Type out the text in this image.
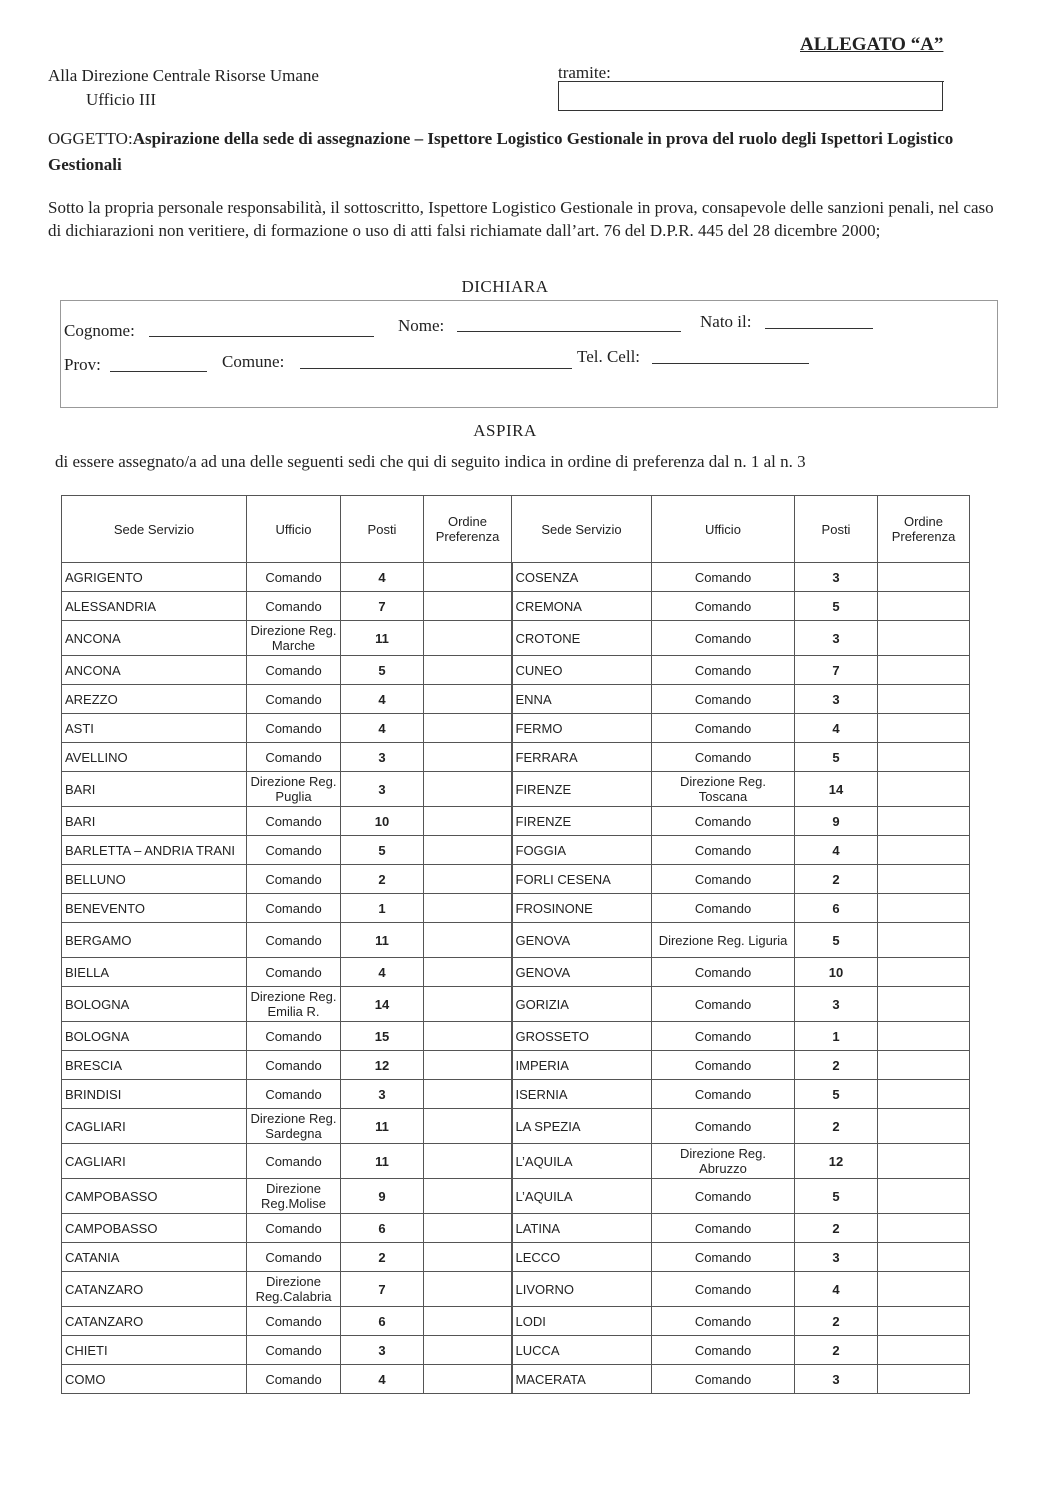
ALLEGATO “A”
Alla Direzione Centrale Risorse Umane
Ufficio III
tramite:
OGGETTO:Aspirazione della sede di assegnazione – Ispettore Logistico Gestionale in prova del ruolo degli Ispettori Logistico Gestionali
Sotto la propria personale responsabilità, il sottoscritto, Ispettore Logistico Gestionale in prova, consapevole delle sanzioni penali, nel caso di dichiarazioni non veritiere, di formazione o uso di atti falsi richiamate dall’art. 76 del D.P.R. 445 del 28 dicembre 2000;
DICHIARA
Cognome:	Nome:	Nato il:
Prov:	Comune:	Tel. Cell:
ASPIRA
di essere assegnato/a ad una delle seguenti sedi che qui di seguito indica in ordine di preferenza dal n. 1 al n. 3
Sede Servizio	Ufficio	Posti	Ordine Preferenza	Sede Servizio	Ufficio	Posti	Ordine Preferenza
AGRIGENTO	Comando	4		COSENZA	Comando	3	
ALESSANDRIA	Comando	7		CREMONA	Comando	5	
ANCONA	Direzione Reg. Marche	11		CROTONE	Comando	3	
ANCONA	Comando	5		CUNEO	Comando	7	
AREZZO	Comando	4		ENNA	Comando	3	
ASTI	Comando	4		FERMO	Comando	4	
AVELLINO	Comando	3		FERRARA	Comando	5	
BARI	Direzione Reg. Puglia	3		FIRENZE	Direzione Reg. Toscana	14	
BARI	Comando	10		FIRENZE	Comando	9	
BARLETTA – ANDRIA TRANI	Comando	5		FOGGIA	Comando	4	
BELLUNO	Comando	2		FORLI CESENA	Comando	2	
BENEVENTO	Comando	1		FROSINONE	Comando	6	
BERGAMO	Comando	11		GENOVA	Direzione Reg. Liguria	5	
BIELLA	Comando	4		GENOVA	Comando	10	
BOLOGNA	Direzione Reg. Emilia R.	14		GORIZIA	Comando	3	
BOLOGNA	Comando	15		GROSSETO	Comando	1	
BRESCIA	Comando	12		IMPERIA	Comando	2	
BRINDISI	Comando	3		ISERNIA	Comando	5	
CAGLIARI	Direzione Reg. Sardegna	11		LA SPEZIA	Comando	2	
CAGLIARI	Comando	11		L’AQUILA	Direzione Reg. Abruzzo	12	
CAMPOBASSO	Direzione Reg.Molise	9		L’AQUILA	Comando	5	
CAMPOBASSO	Comando	6		LATINA	Comando	2	
CATANIA	Comando	2		LECCO	Comando	3	
CATANZARO	Direzione Reg.Calabria	7		LIVORNO	Comando	4	
CATANZARO	Comando	6		LODI	Comando	2	
CHIETI	Comando	3		LUCCA	Comando	2	
COMO	Comando	4		MACERATA	Comando	3	
